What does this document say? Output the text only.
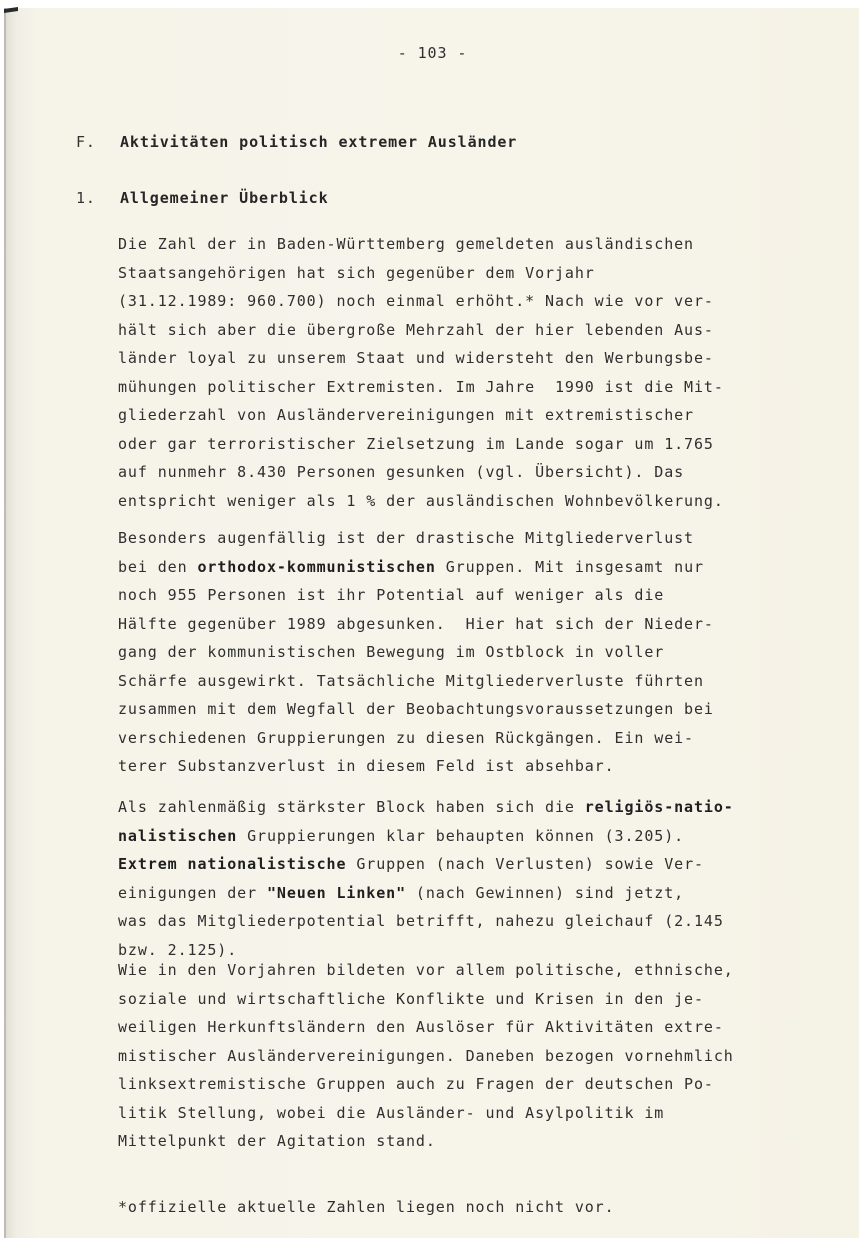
- 103 -
F. Aktivitäten politisch extremer Ausländer
1. Allgemeiner Überblick
Die Zahl der in Baden-Württemberg gemeldeten ausländischen
Staatsangehörigen hat sich gegenüber dem Vorjahr
(31.12.1989: 960.700) noch einmal erhöht.* Nach wie vor ver-
hält sich aber die übergroße Mehrzahl der hier lebenden Aus-
länder loyal zu unserem Staat und widersteht den Werbungsbe-
mühungen politischer Extremisten. Im Jahre  1990 ist die Mit-
gliederzahl von Ausländervereinigungen mit extremistischer
oder gar terroristischer Zielsetzung im Lande sogar um 1.765
auf nunmehr 8.430 Personen gesunken (vgl. Übersicht). Das
entspricht weniger als 1 % der ausländischen Wohnbevölkerung.
Besonders augenfällig ist der drastische Mitgliederverlust
bei den orthodox-kommunistischen Gruppen. Mit insgesamt nur
noch 955 Personen ist ihr Potential auf weniger als die
Hälfte gegenüber 1989 abgesunken.  Hier hat sich der Nieder-
gang der kommunistischen Bewegung im Ostblock in voller
Schärfe ausgewirkt. Tatsächliche Mitgliederverluste führten
zusammen mit dem Wegfall der Beobachtungsvoraussetzungen bei
verschiedenen Gruppierungen zu diesen Rückgängen. Ein wei-
terer Substanzverlust in diesem Feld ist absehbar.
Als zahlenmäßig stärkster Block haben sich die religiös-natio-
nalistischen Gruppierungen klar behaupten können (3.205).
Extrem nationalistische Gruppen (nach Verlusten) sowie Ver-
einigungen der "Neuen Linken" (nach Gewinnen) sind jetzt,
was das Mitgliederpotential betrifft, nahezu gleichauf (2.145
bzw. 2.125).
Wie in den Vorjahren bildeten vor allem politische, ethnische,
soziale und wirtschaftliche Konflikte und Krisen in den je-
weiligen Herkunftsländern den Auslöser für Aktivitäten extre-
mistischer Ausländervereinigungen. Daneben bezogen vornehmlich
linksextremistische Gruppen auch zu Fragen der deutschen Po-
litik Stellung, wobei die Ausländer- und Asylpolitik im
Mittelpunkt der Agitation stand.
*offizielle aktuelle Zahlen liegen noch nicht vor.
